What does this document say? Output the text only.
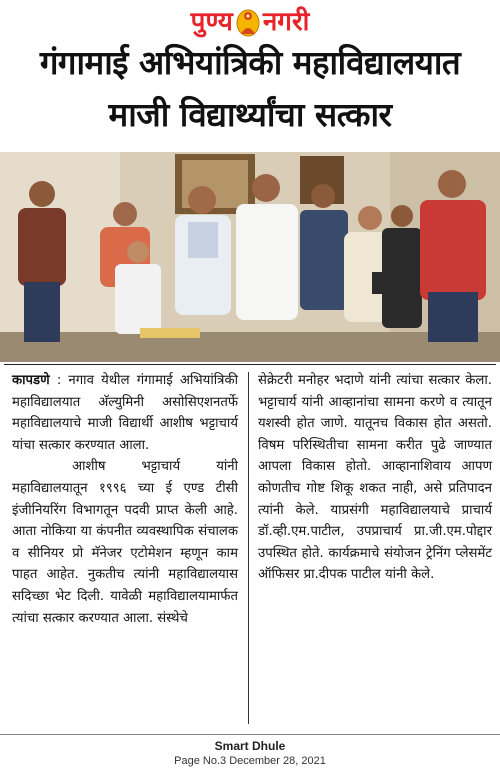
पुण्य नगरी
गंगामाई अभियांत्रिकी महाविद्यालयात
माजी विद्यार्थ्यांचा सत्कार

कापडणे : नगाव येथील गंगामाई अभियांत्रिकी महाविद्यालयात अ‍ॅल्युमिनी असोसिएशनतर्फे महाविद्यालयाचे माजी विद्यार्थी आशीष भट्टाचार्य यांचा सत्कार करण्यात आला.

आशीष भट्टाचार्य यांनी महाविद्यालयातून १९९६ च्या ई एण्ड टीसी इंजीनियरिंग विभागतून पदवी प्राप्त केली आहे. आता नोकिया या कंपनीत व्यवस्थापिक संचालक व सीनियर प्रो मॅनेजर एटोमेशन म्हणून काम पाहत आहेत. नुकतीच त्यांनी महाविद्यालयास सदिच्छा भेट दिली. यावेळी महाविद्यालयामार्फत त्यांचा सत्कार करण्यात आला. संस्थेचे

सेक्रेटरी मनोहर भदाणे यांनी त्यांचा सत्कार केला. भट्टाचार्य यांनी आव्हानांचा सामना करणे व त्यातून यशस्वी होत जाणे. यातूनच विकास होत असतो. विषम परिस्थितीचा सामना करीत पुढे जाण्यात आपला विकास होतो. आव्हानाशिवाय आपण कोणतीच गोष्ट शिकू शकत नाही, असे प्रतिपादन त्यांनी केले. याप्रसंगी महाविद्यालयाचे प्राचार्य डॉ.व्ही.एम.पाटील, उपप्राचार्य प्रा.जी.एम.पोद्दार उपस्थित होते. कार्यक्रमाचे संयोजन ट्रेनिंग प्लेसमेंट ऑफिसर प्रा.दीपक पाटील यांनी केले.

Smart Dhule
Page No.3 December 28, 2021
